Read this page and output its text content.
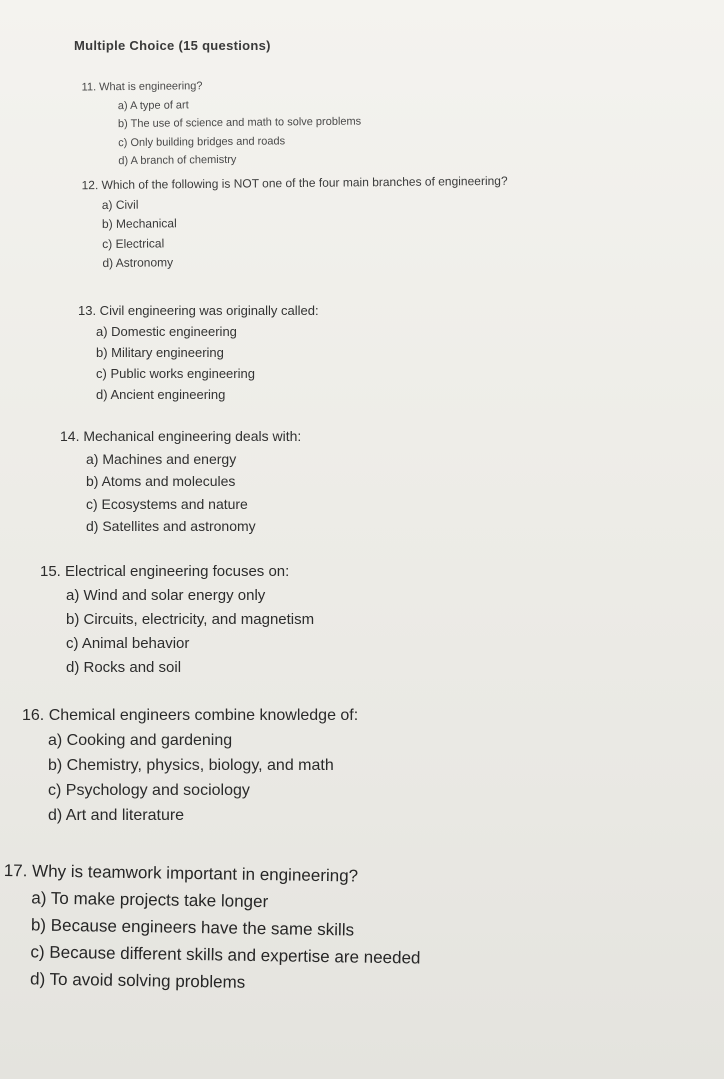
Multiple Choice (15 questions)
11. What is engineering?
a) A type of art
b) The use of science and math to solve problems
c) Only building bridges and roads
d) A branch of chemistry
12. Which of the following is NOT one of the four main branches of engineering?
a) Civil
b) Mechanical
c) Electrical
d) Astronomy
13. Civil engineering was originally called:
a) Domestic engineering
b) Military engineering
c) Public works engineering
d) Ancient engineering
14. Mechanical engineering deals with:
a) Machines and energy
b) Atoms and molecules
c) Ecosystems and nature
d) Satellites and astronomy
15. Electrical engineering focuses on:
a) Wind and solar energy only
b) Circuits, electricity, and magnetism
c) Animal behavior
d) Rocks and soil
16. Chemical engineers combine knowledge of:
a) Cooking and gardening
b) Chemistry, physics, biology, and math
c) Psychology and sociology
d) Art and literature
17. Why is teamwork important in engineering?
a) To make projects take longer
b) Because engineers have the same skills
c) Because different skills and expertise are needed
d) To avoid solving problems
